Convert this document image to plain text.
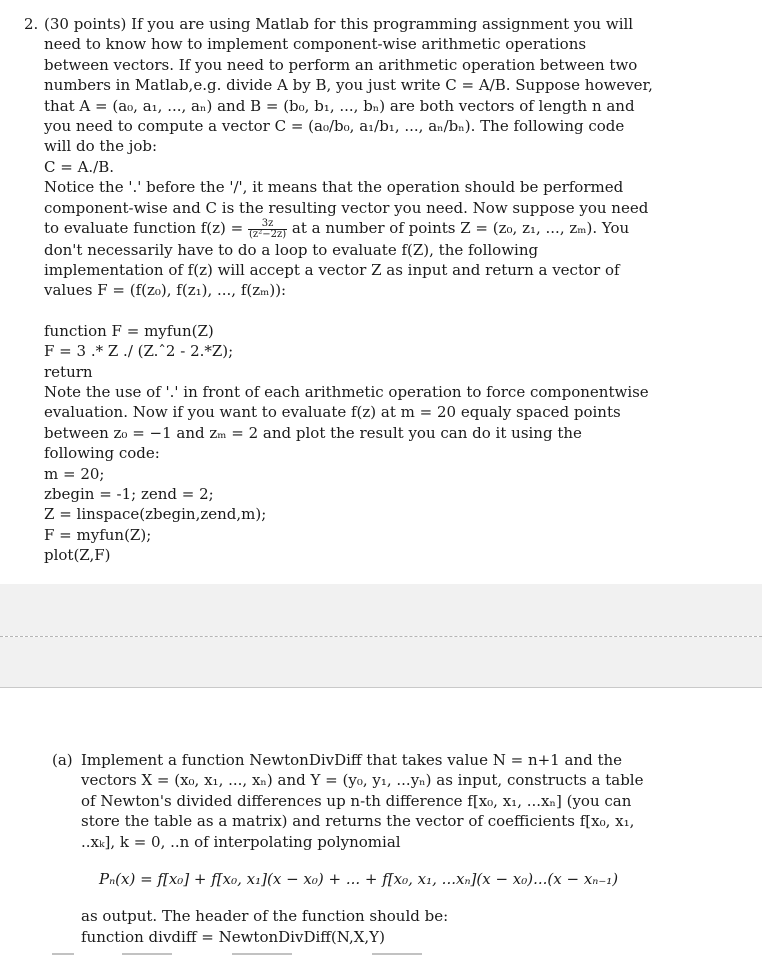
2. (30 points) If you are using Matlab for this programming assignment you will need to know how to implement component-wise arithmetic operations between vectors. If you need to perform an arithmetic operation between two numbers in Matlab,e.g. divide A by B, you just write C = A/B. Suppose however, that A = (a₀, a₁, ..., aₙ) and B = (b₀, b₁, ..., bₙ) are both vectors of length n and you need to compute a vector C = (a₀/b₀, a₁/b₁, ..., aₙ/bₙ). The following code will do the job:

C = A./B.

Notice the '.' before the '/', it means that the operation should be performed component-wise and C is the resulting vector you need. Now suppose you need to evaluate function $f(z) = \frac{3z}{\text{(z²−2z)}}$ at a number of points Z = (z₀, z₁, ..., zₘ). You don't necessarily have to do a loop to evaluate f(Z), the following implementation of f(z) will accept a vector Z as input and return a vector of values F = (f(z₀), f(z₁), ..., f(zₘ)):

function F = myfun(Z)
F = 3 .* Z ./ (Z.ˆ2 - 2.*Z);
return

Note the use of '.' in front of each arithmetic operation to force componentwise evaluation. Now if you want to evaluate f(z) at m = 20 equaly spaced points between z₀ = −1 and zₘ = 2 and plot the result you can do it using the following code:

m = 20;
zbegin = -1; zend = 2;
Z = linspace(zbegin,zend,m);
F = myfun(Z);
plot(Z,F)
(a) Implement a function NewtonDivDiff that takes value N = n+1 and the vectors X = (x₀, x₁, ..., xₙ) and Y = (y₀, y₁, ...yₙ) as input, constructs a table of Newton's divided differences up n-th difference f[x₀, x₁, ...xₙ] (you can store the table as a matrix) and returns the vector of coefficients f[x₀, x₁, ..xₖ], k = 0, ..n of interpolating polynomial

Pₙ(x) = f[x₀] + f[x₀, x₁](x − x₀) + ... + f[x₀, x₁, ...xₙ](x − x₀)...(x − xₙ₋₁)

as output. The header of the function should be:

function divdiff = NewtonDivDiff(N,X,Y)
